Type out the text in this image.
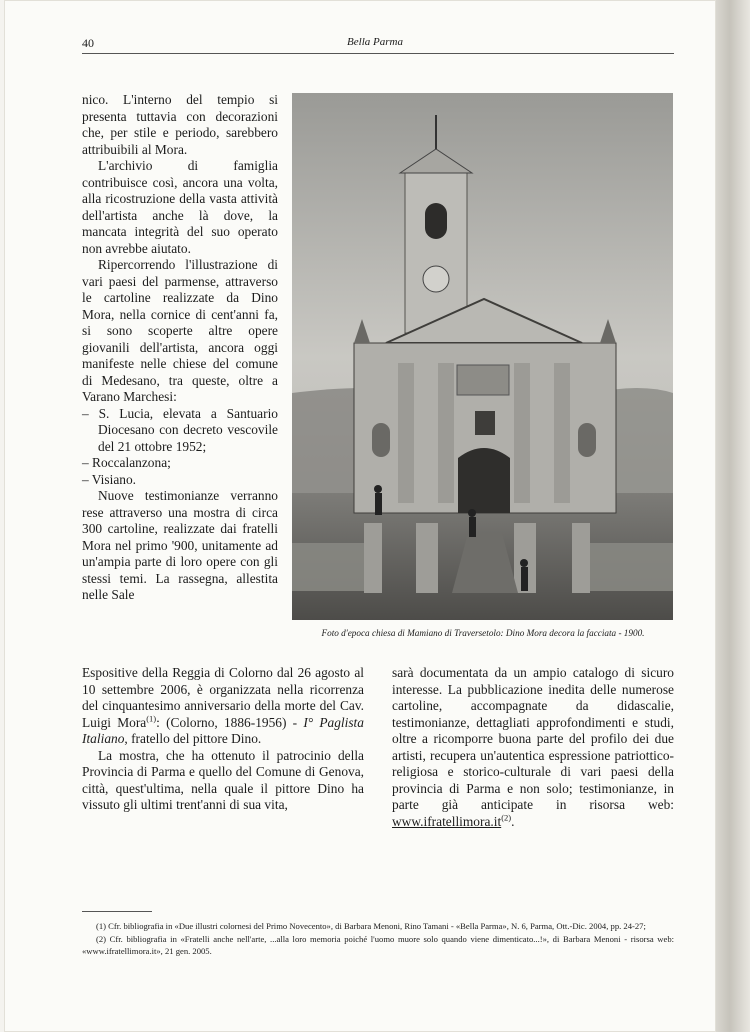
40	Bella Parma

nico. L'interno del tempio si presenta tuttavia con decorazioni che, per stile e periodo, sarebbero attribuibili al Mora.

L'archivio di famiglia contribuisce così, ancora una volta, alla ricostruzione della vasta attività dell'artista anche là dove, la mancata integrità del suo operato non avrebbe aiutato.

Ripercorrendo l'illustrazione di vari paesi del parmense, attraverso le cartoline realizzate da Dino Mora, nella cornice di cent'anni fa, si sono scoperte altre opere giovanili dell'artista, ancora oggi manifeste nelle chiese del comune di Medesano, tra queste, oltre a Varano Marchesi:

– S. Lucia, elevata a Santuario Diocesano con decreto vescovile del 21 ottobre 1952;

– Roccalanzona;

– Visiano.

Nuove testimonianze verranno rese attraverso una mostra di circa 300 cartoline, realizzate dai fratelli Mora nel primo '900, unitamente ad un'ampia parte di loro opere con gli stessi temi. La rassegna, allestita nelle Sale

Foto d'epoca chiesa di Mamiano di Traversetolo: Dino Mora decora la facciata - 1900.

Espositive della Reggia di Colorno dal 26 agosto al 10 settembre 2006, è organizzata nella ricorrenza del cinquantesimo anniversario della morte del Cav. Luigi Mora$^{(1)}$: (Colorno, 1886-1956) - I° Paglista Italiano, fratello del pittore Dino.

La mostra, che ha ottenuto il patrocinio della Provincia di Parma e quello del Comune di Genova, città, quest'ultima, nella quale il pittore Dino ha vissuto gli ultimi trent'anni di sua vita,

sarà documentata da un ampio catalogo di sicuro interesse. La pubblicazione inedita delle numerose cartoline, accompagnate da didascalie, testimonianze, dettagliati approfondimenti e studi, oltre a ricomporre buona parte del profilo dei due artisti, recupera un'autentica espressione patriottico-religiosa e storico-culturale di vari paesi della provincia di Parma e non solo; testimonianze, in parte già anticipate in risorsa web: $www.ifratellimora.it^{(2)}$.

(1) Cfr. bibliografia in «Due illustri colornesi del Primo Novecento», di Barbara Menoni, Rino Tamani - «Bella Parma», N. 6, Parma, Ott.-Dic. 2004, pp. 24-27;

(2) Cfr. bibliografia in «Fratelli anche nell'arte, ...alla loro memoria poiché l'uomo muore solo quando viene dimenticato...!», di Barbara Menoni - risorsa web: «www.ifratellimora.it», 21 gen. 2005.
